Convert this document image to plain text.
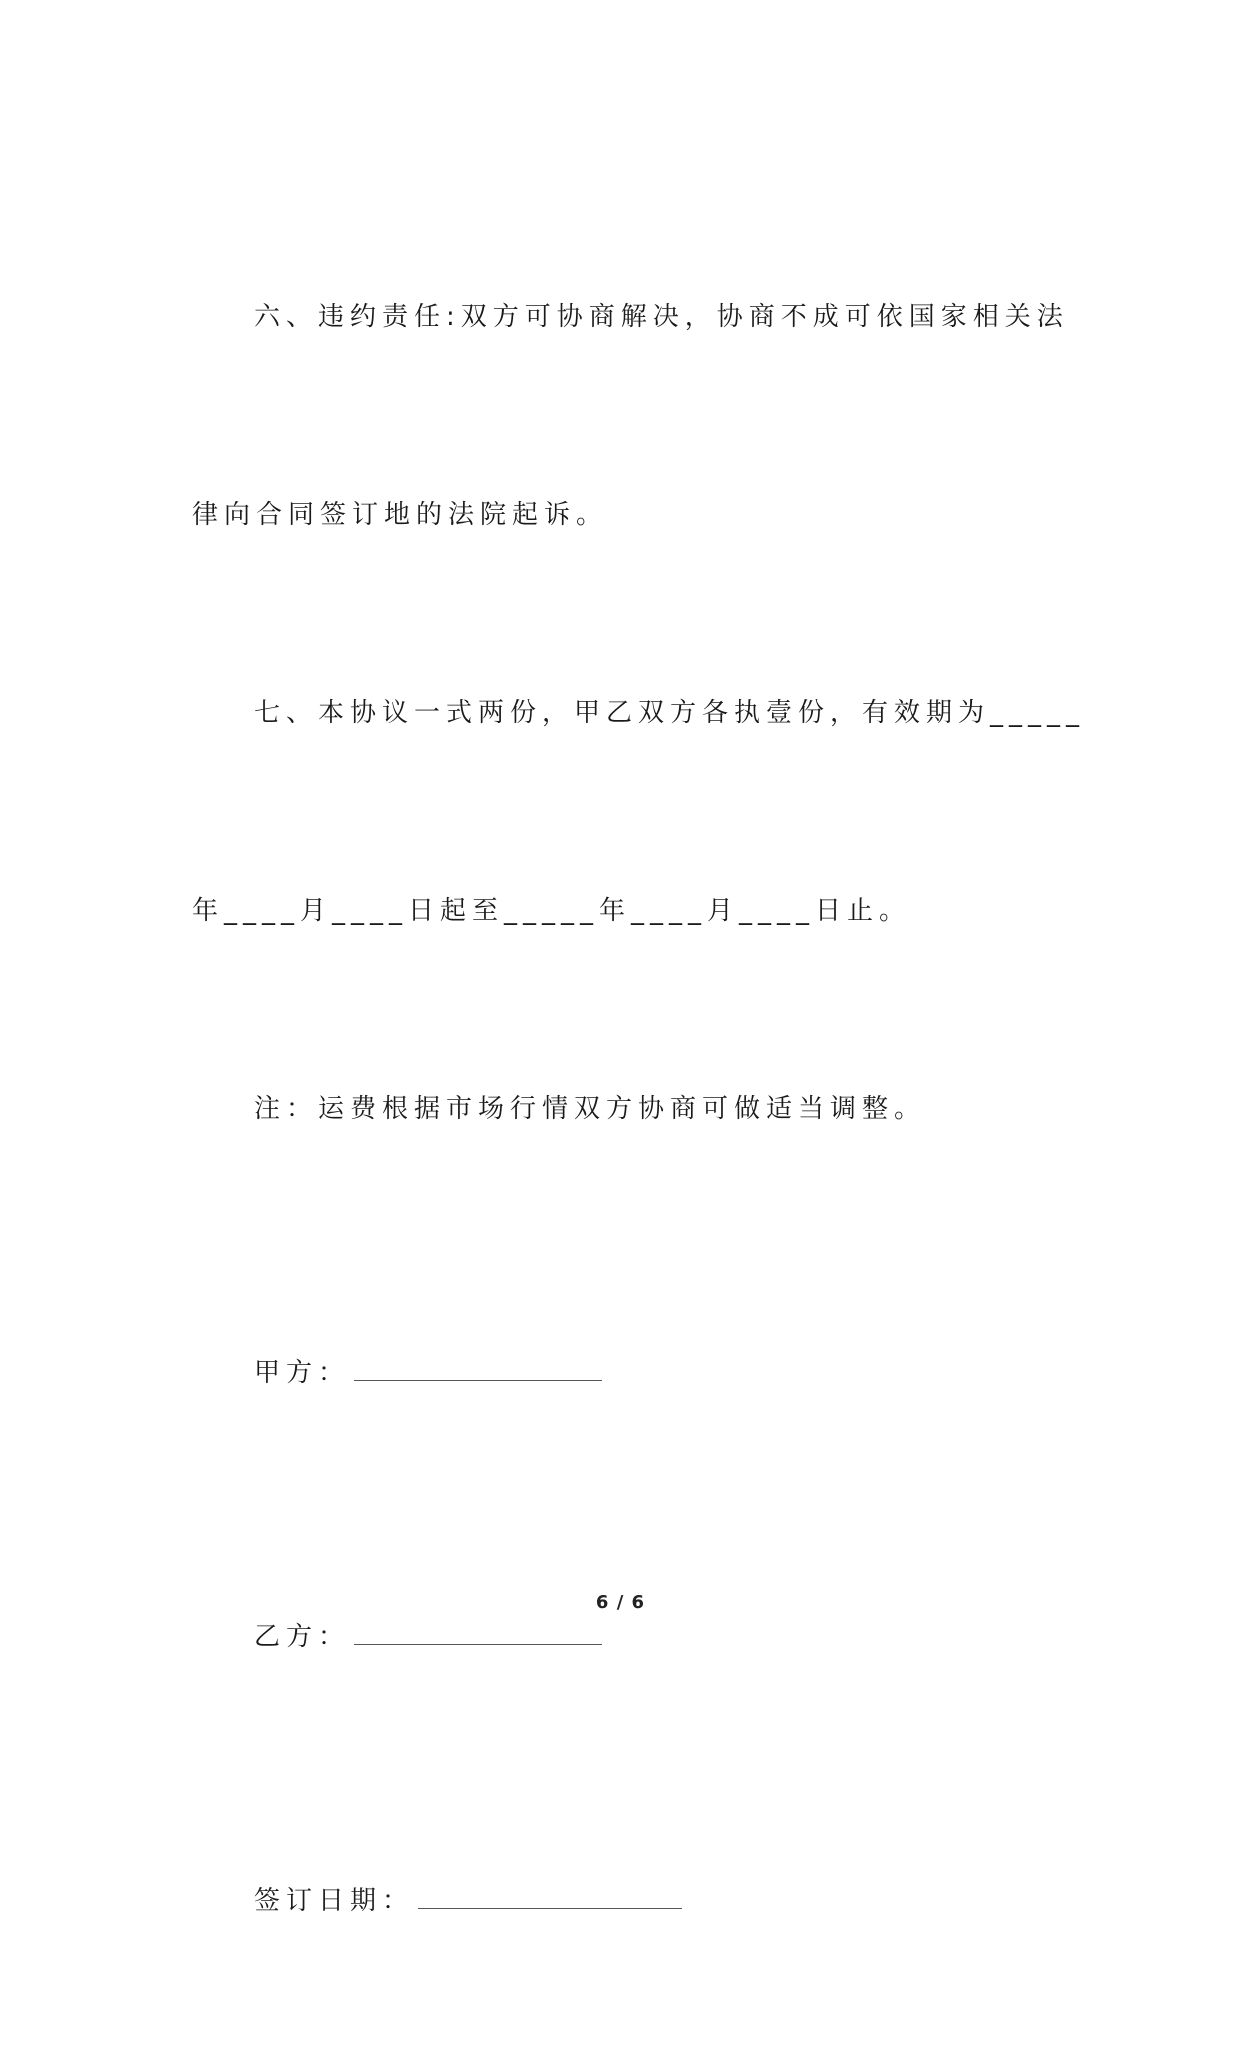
六、违约责任:双方可协商解决，协商不成可依国家相关法

律向合同签订地的法院起诉。

七、本协议一式两份，甲乙双方各执壹份，有效期为_____

年____月____日起至_____年____月____日止。

注：运费根据市场行情双方协商可做适当调整。

甲方：

乙方：

签订日期：

6 / 6
